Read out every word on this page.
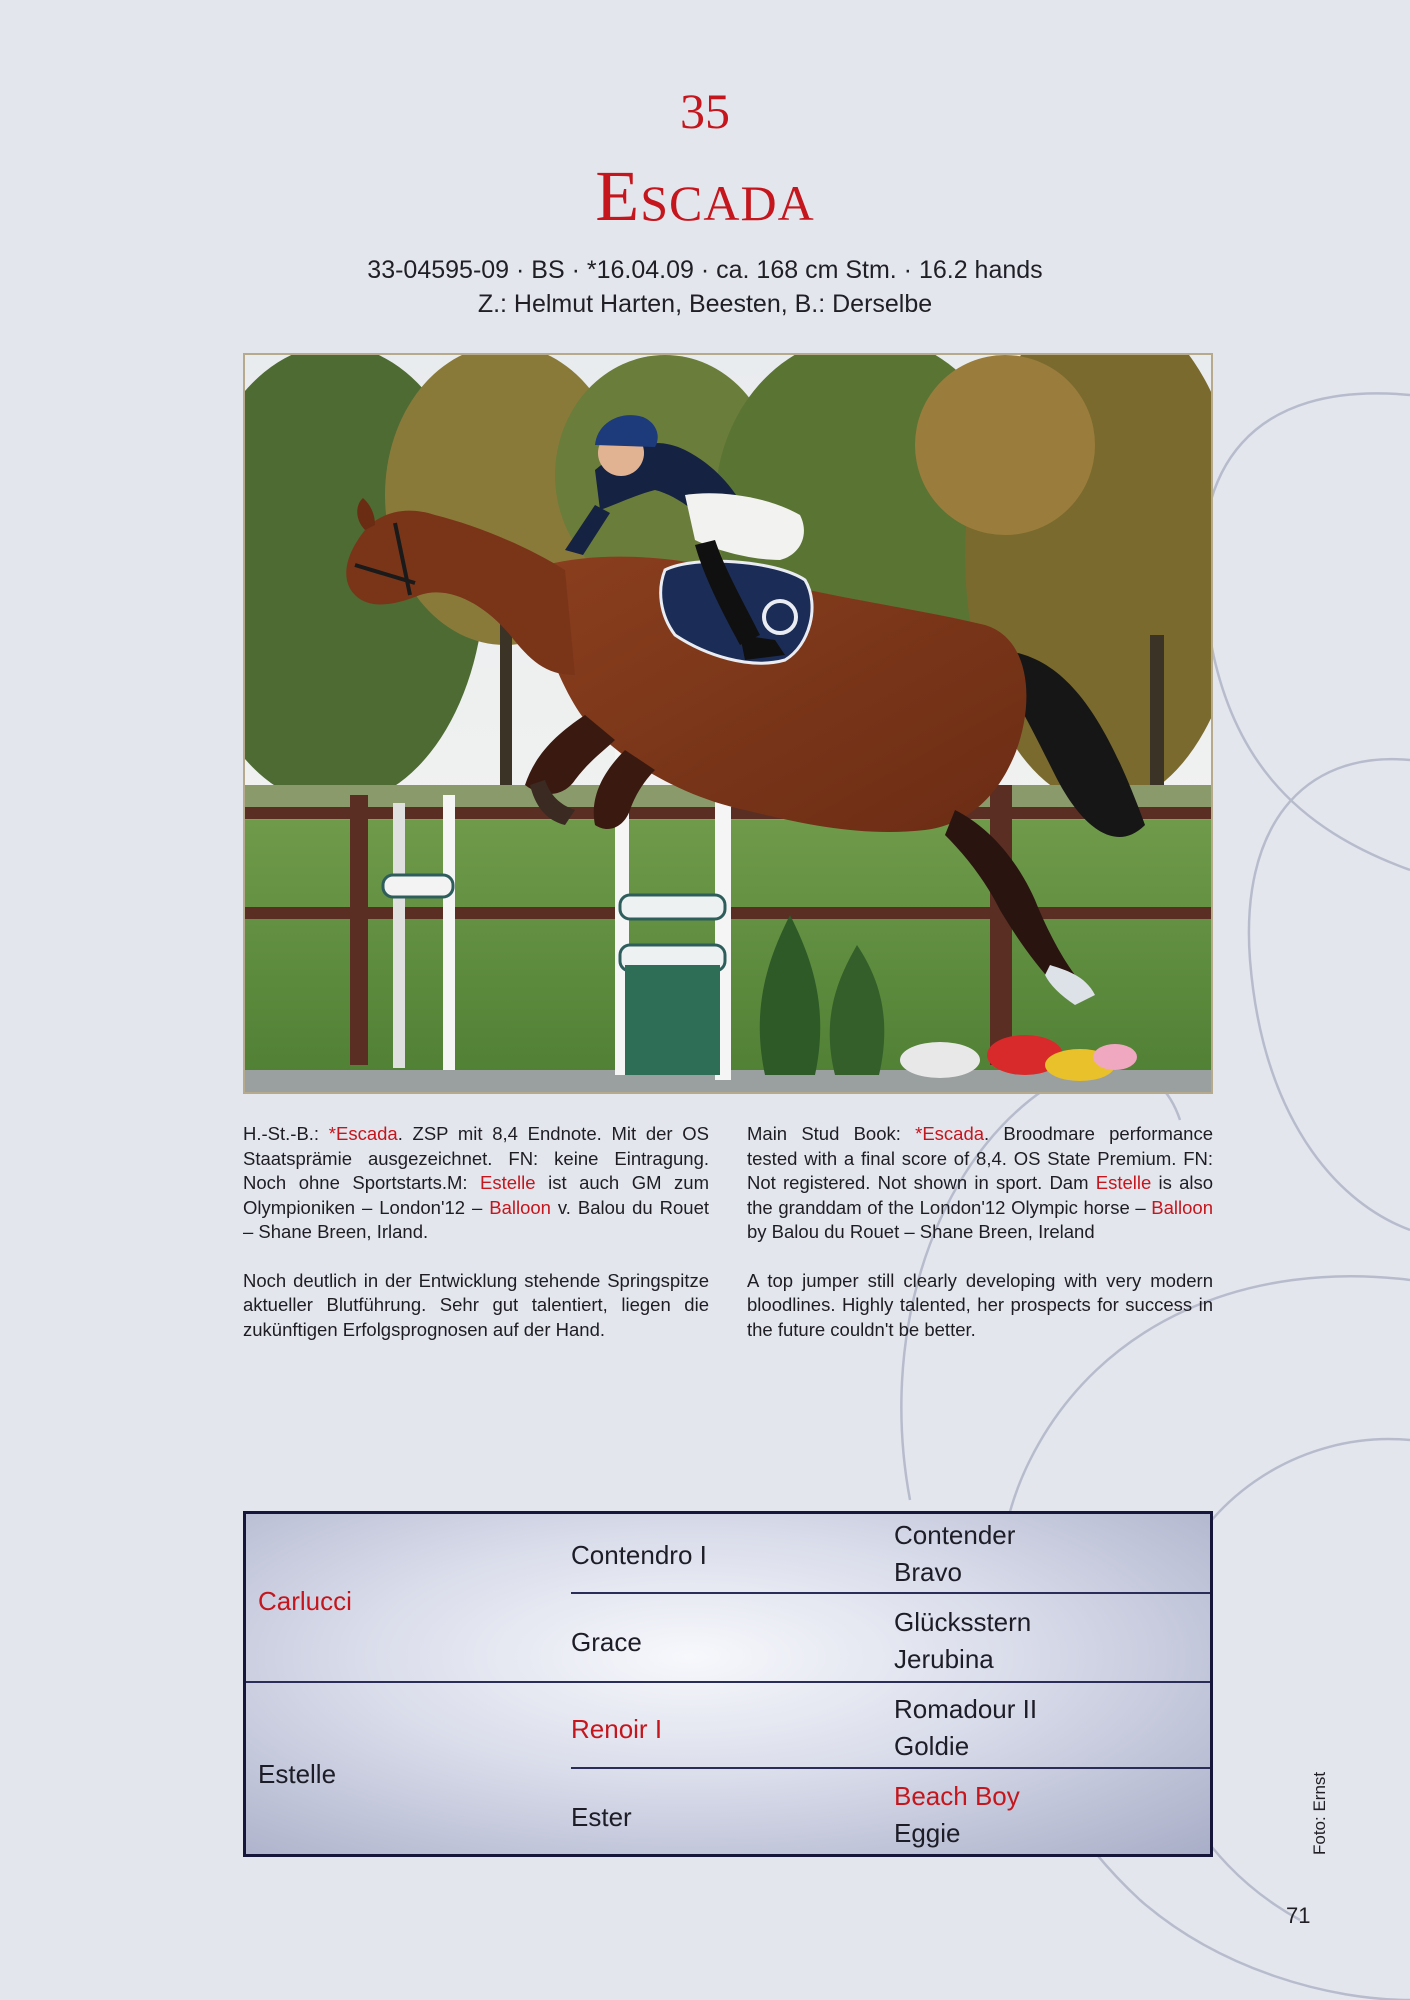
35
Escada

33-04595-09 · BS · *16.04.09 · ca. 168 cm Stm. · 16.2 hands

Z.: Helmut Harten, Beesten, B.: Derselbe

H.-St.-B.: *Escada. ZSP mit 8,4 Endnote. Mit der OS Staatsprämie ausgezeichnet. FN: keine Eintragung. Noch ohne Sportstarts.M: Estelle ist auch GM zum Olympioniken – London'12 – Balloon v. Balou du Rouet – Shane Breen, Irland.

Noch deutlich in der Entwicklung stehende Springspitze aktueller Blutführung. Sehr gut talentiert, liegen die zukünftigen Erfolgsprognosen auf der Hand.

Main Stud Book: *Escada. Broodmare performance tested with a final score of 8,4. OS State Premium. FN: Not registered. Not shown in sport. Dam Estelle is also the granddam of the London'12 Olympic horse – Balloon by Balou du Rouet – Shane Breen, Ireland

A top jumper still clearly developing with very modern bloodlines. Highly talented, her prospects for success in the future couldn't be better.

Carlucci
Estelle
Contendro I
Grace
Renoir I
Ester
Contender
Bravo
Glücksstern
Jerubina
Romadour II
Goldie
Beach Boy
Eggie	Foto: Ernst
71
